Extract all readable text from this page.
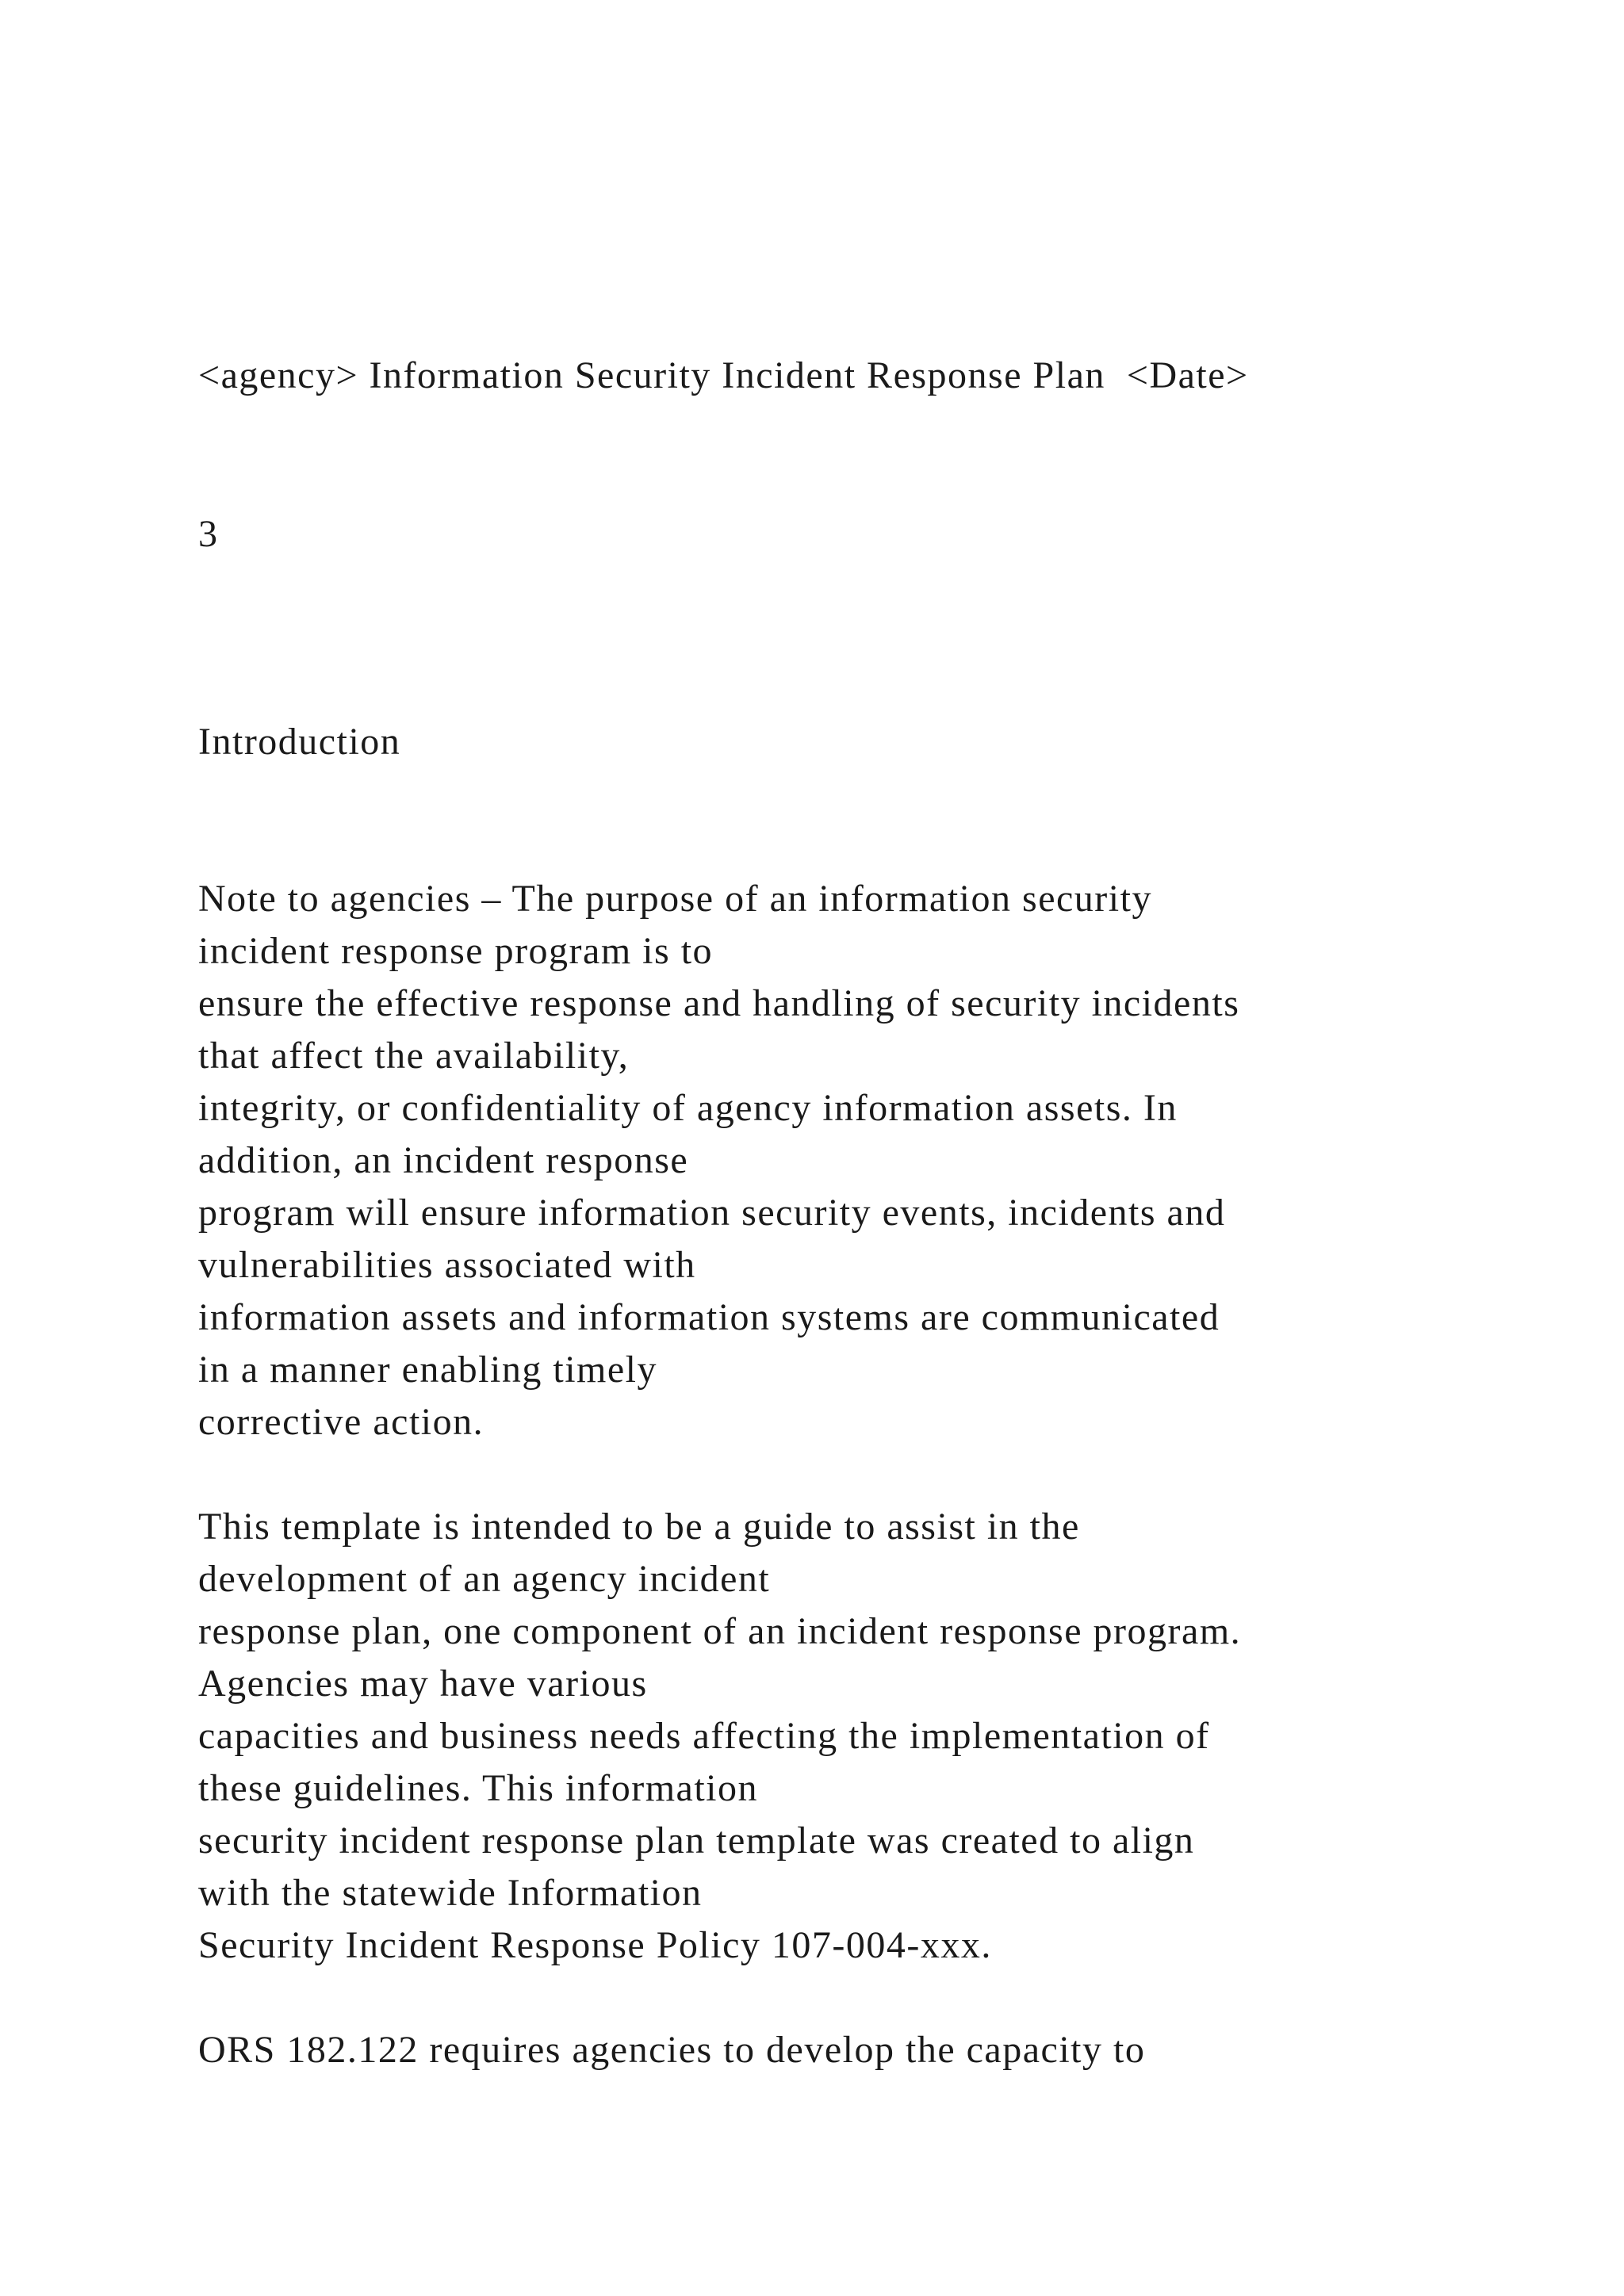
<agency> Information Security Incident Response Plan  <Date>
3
Introduction
Note to agencies – The purpose of an information security
incident response program is to
ensure the effective response and handling of security incidents
that affect the availability,
integrity, or confidentiality of agency information assets. In
addition, an incident response
program will ensure information security events, incidents and
vulnerabilities associated with
information assets and information systems are communicated
in a manner enabling timely
corrective action.
This template is intended to be a guide to assist in the
development of an agency incident
response plan, one component of an incident response program.
Agencies may have various
capacities and business needs affecting the implementation of
these guidelines. This information
security incident response plan template was created to align
with the statewide Information
Security Incident Response Policy 107-004-xxx.
ORS 182.122 requires agencies to develop the capacity to
